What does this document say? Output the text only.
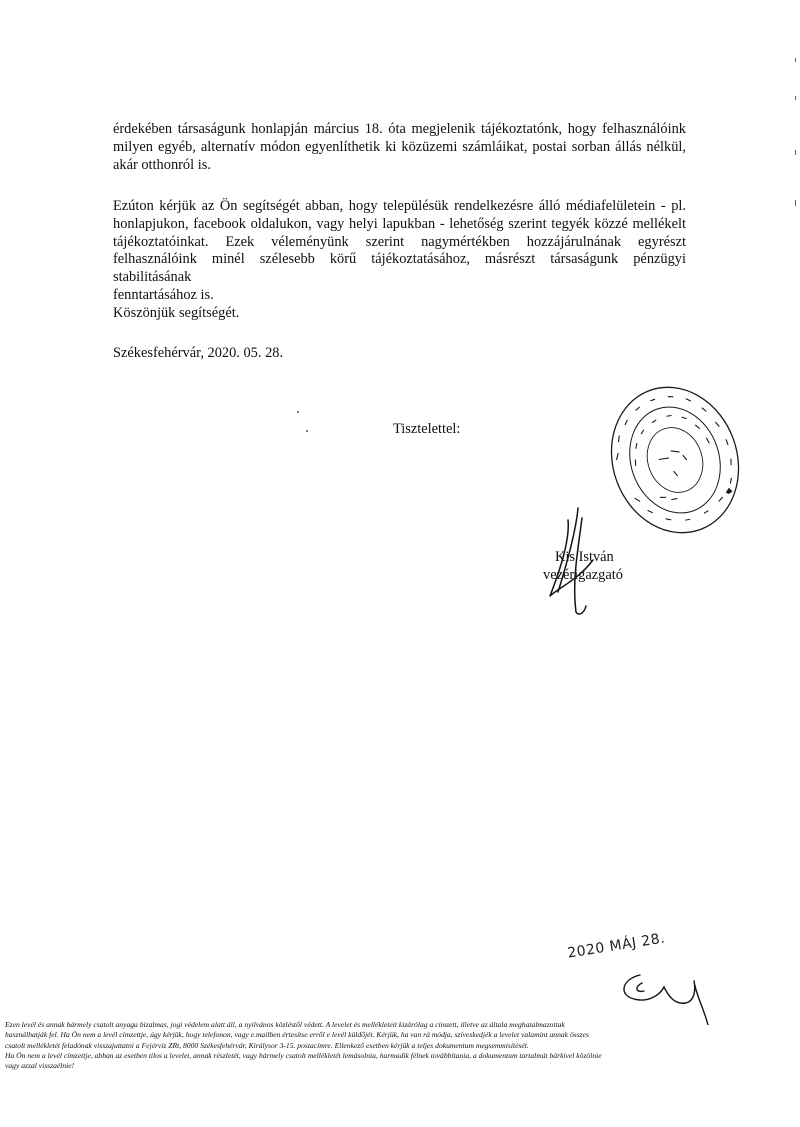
érdekében társaságunk honlapján március 18. óta megjelenik tájékoztatónk, hogy felhasználóink
milyen egyéb, alternatív módon egyenlíthetik ki közüzemi számláikat, postai sorban állás nélkül,
akár otthonról is.
Ezúton kérjük az Ön segítségét abban, hogy településük rendelkezésre álló médiafelületein - pl.
honlapjukon, facebook oldalukon, vagy helyi lapukban - lehetőség szerint tegyék közzé mellékelt
tájékoztatóinkat. Ezek véleményünk szerint nagymértékben hozzájárulnának egyrészt
felhasználóink minél szélesebb körű tájékoztatásához, másrészt társaságunk pénzügyi stabilitásának
fenntartásához is.
Köszönjük segítségét.
Székesfehérvár, 2020. 05. 28.
Tisztelettel:
Kis István
vezérigazgató
2020 MÁJ 28.
Ezen levél és annak bármely csatolt anyaga bizalmas, jogi védelem alatt áll, a nyilvános közléstől védett. A levelet és mellékleteit kizárólag a címzett, illetve az általa meghatalmazottak
használhatják fel. Ha Ön nem a levél címzettje, úgy kérjük, hogy telefonon, vagy e.mailben értesítse erről e levél küldőjét. Kérjük, ha van rá módja, szíveskedjék a levelet valamint annak összes
csatolt mellékletét feladónak visszajuttatni a Fejérvíz ZRt, 8000 Székesfehérvár, Királysor 3-15. postacímre. Ellenkező esetben kérjük a teljes dokumentum megsemmisítését.
Ha Ön nem a levél címzettje, abban az esetben tilos a levelet, annak részletét, vagy bármely csatolt mellékletét lemásolnia, harmadik félnek továbbítania, a dokumentum tartalmát bárkivel közölnie
vagy azzal visszaélnie!
